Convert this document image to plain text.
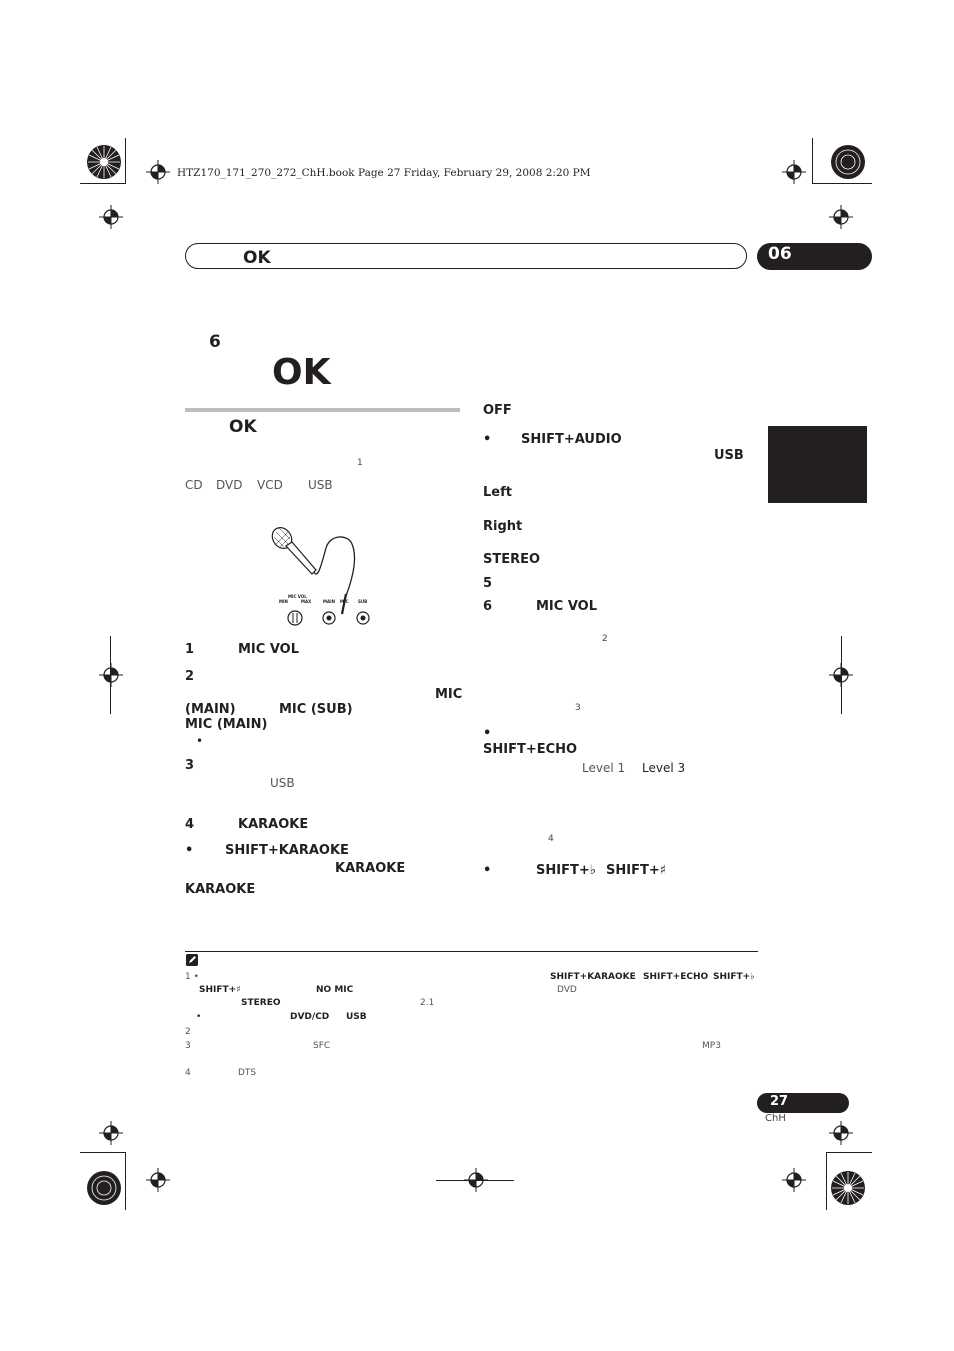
HTZ170_171_270_272_ChH.book Page 27 Friday, February 29, 2008 2:20 PM
OK	06
6
OK
OK
1
CD DVD VCD USB
MIN
MIC VOL
MAX	MAIN MIC SUB
1	MIC VOL
2
MIC
(MAIN)	MIC (SUB)
MIC (MAIN)
•
3
USB
4	KARAOKE
• SHIFT+KARAOKE
KARAOKE
KARAOKE
OFF
• SHIFT+AUDIO
USB
Left
Right
STEREO
5
6	MIC VOL
2
3
•
SHIFT+ECHO
Level 1 Level 3
4
•	SHIFT+♭ SHIFT+♯
1 •	SHIFT+KARAOKE SHIFT+ECHO SHIFT+♭
SHIFT+♯	NO MIC	DVD
STEREO	2.1
•	DVD/CD USB
2
3	SFC	MP3
4	DTS
27
ChH
